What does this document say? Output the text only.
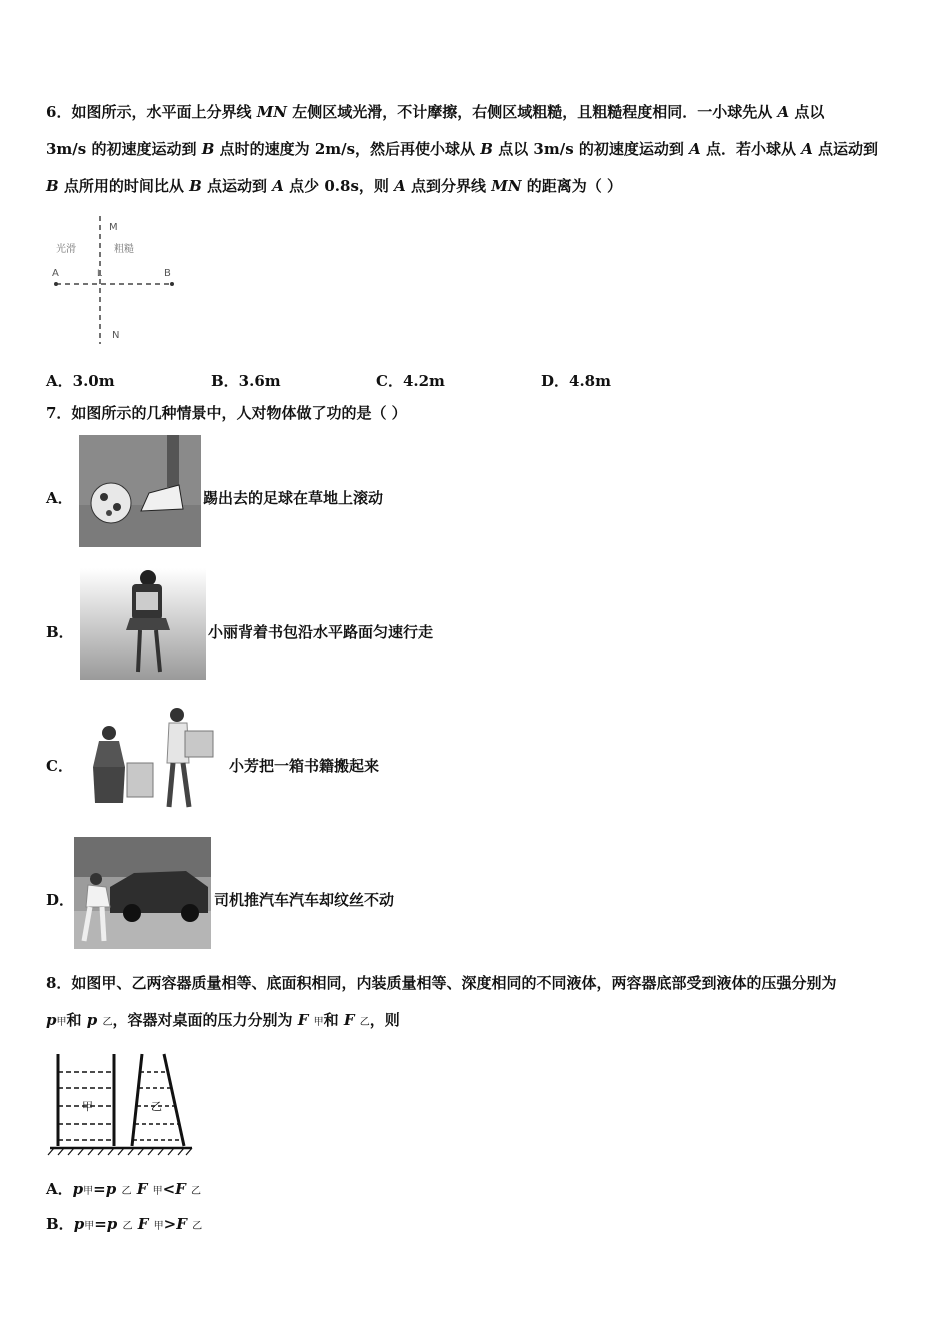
6．如图所示，水平面上分界线 MN 左侧区域光滑，不计摩擦，右侧区域粗糙，且粗糙程度相同．一小球先从 A 点以
3m/s 的初速度运动到 B 点时的速度为 2m/s，然后再使小球从 B 点以 3m/s 的初速度运动到 A 点．若小球从 A 点运动到
B 点所用的时间比从 B 点运动到 A 点少 0.8s，则 A 点到分界线 MN 的距离为（ ）
M
N
光滑	粗糙
A	B
L
A．3.0m	B．3.6m	C．4.2m	D．4.8m
7．如图所示的几种情景中，人对物体做了功的是（ ）
A．	踢出去的足球在草地上滚动
B．	小丽背着书包沿水平路面匀速行走
C．	小芳把一箱书籍搬起来
D．	司机推汽车汽车却纹丝不动
8．如图甲、乙两容器质量相等、底面积相同，内装质量相等、深度相同的不同液体，两容器底部受到液体的压强分别为
p甲和 p 乙，容器对桌面的压力分别为 F 甲和 F 乙，则
甲	乙
A．p甲=p 乙 F 甲<F 乙
B．p甲=p 乙 F 甲>F 乙
